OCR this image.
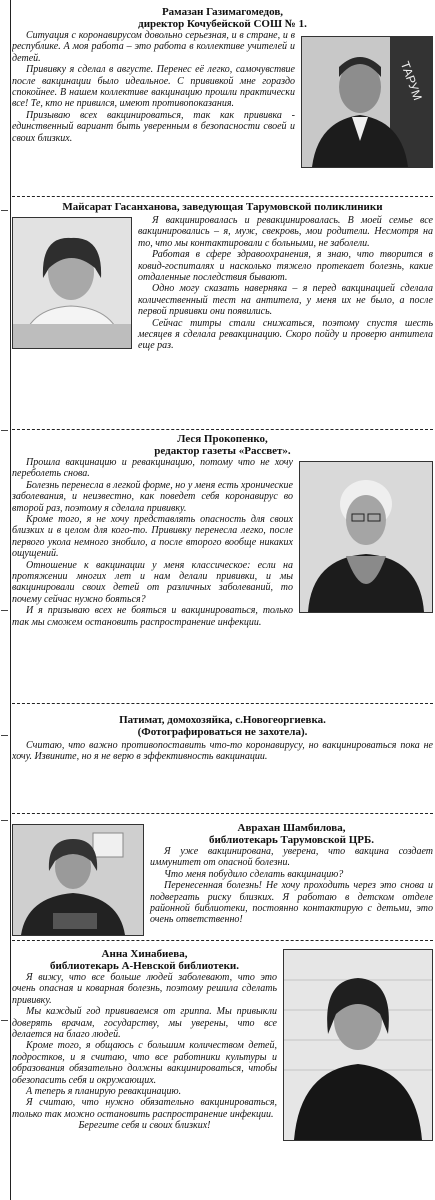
Рамазан Газимагомедов,
директор Кочубейской СОШ № 1.
ТАРУМ

Ситуация с коронавирусом довольно серьезная, и в стране, и в республике. А моя работа – это работа в коллективе учителей и детей.

Прививку я сделал в августе. Перенес её легко, самочувствие после вакцинации было идеальное. С прививкой мне гораздо спокойнее. В нашем коллективе вакцинацию прошли практически все! Те, кто не привился, имеют противопоказания.

Призываю всех вакцинироваться, так как прививка - единственный вариант быть уверенным в безопасности своей и своих близких.

Майсарат Гасанханова, заведующая Тарумовской поликлиники

Я вакцинировалась и ревакцинировалась. В моей семье все вакцинировались – я, муж, свекровь, мои родители. Несмотря на то, что мы контактировали с больными, не заболели.

Работая в сфере здравоохранения, я знаю, что творится в ковид-госпиталях и насколько тяжело протекает болезнь, какие отдаленные последствия бывают.

Одно могу сказать наверняка – я перед вакцинацией сделала количественный тест на антитела, у меня их не было, а после первой прививки они появились.

Сейчас титры стали снижаться, поэтому спустя шесть месяцев я сделала ревакцинацию. Скоро пойду и проверю антитела еще раз.

Леся Прокопенко,
редактор газеты «Рассвет».

Прошла вакцинацию и ревакцинацию, потому что не хочу переболеть снова.

Болезнь перенесла в легкой форме, но у меня есть хронические заболевания, и неизвестно, как поведет себя коронавирус во второй раз, поэтому я сделала прививку.

Кроме того, я не хочу представлять опасность для своих близких и в целом для кого-то. Прививку перенесла легко, после первого укола немного знобило, а после второго вообще никаких ощущений.

Отношение к вакцинации у меня классическое: если на протяжении многих лет и нам делали прививки, и мы вакцинировали своих детей от различных заболеваний, то почему сейчас нужно бояться?

И я призываю всех не бояться и вакцинироваться, только так мы сможем остановить распространение инфекции.

Патимат, домохозяйка, с.Новогеоргиевка.
(Фотографироваться не захотела).

Считаю, что важно противопоставить что-то коронавирусу, но вакцинироваться пока не хочу. Извините, но я не верю в эффективность вакцинации.

Аврахан Шамбилова,
библиотекарь Тарумовской ЦРБ.

Я уже вакцинирована, уверена, что вакцина создает иммунитет от опасной болезни.

Что меня побудило сделать вакцинацию?

Перенесенная болезнь! Не хочу проходить через это снова и подвергать риску близких. Я работаю в детском отделе районной библиотеки, постоянно контактирую с детьми, это очень ответственно!

Анна Хинабиева,
библиотекарь А-Невской библиотеки.

Я вижу, что все больше людей заболевают, что это очень опасная и коварная болезнь, поэтому решила сделать прививку.

Мы каждый год прививаемся от гриппа. Мы привыкли доверять врачам, государству, мы уверены, что все делается на благо людей.

Кроме того, я общаюсь с большим количеством детей, подростков, и я считаю, что все работники культуры и образования обязательно должны вакцинироваться, чтобы обезопасить себя и окружающих.

А теперь я планирую ревакцинацию.

Я считаю, что нужно обязательно вакцинироваться, только так можно остановить распространение инфекции.

Берегите себя и своих близких!
